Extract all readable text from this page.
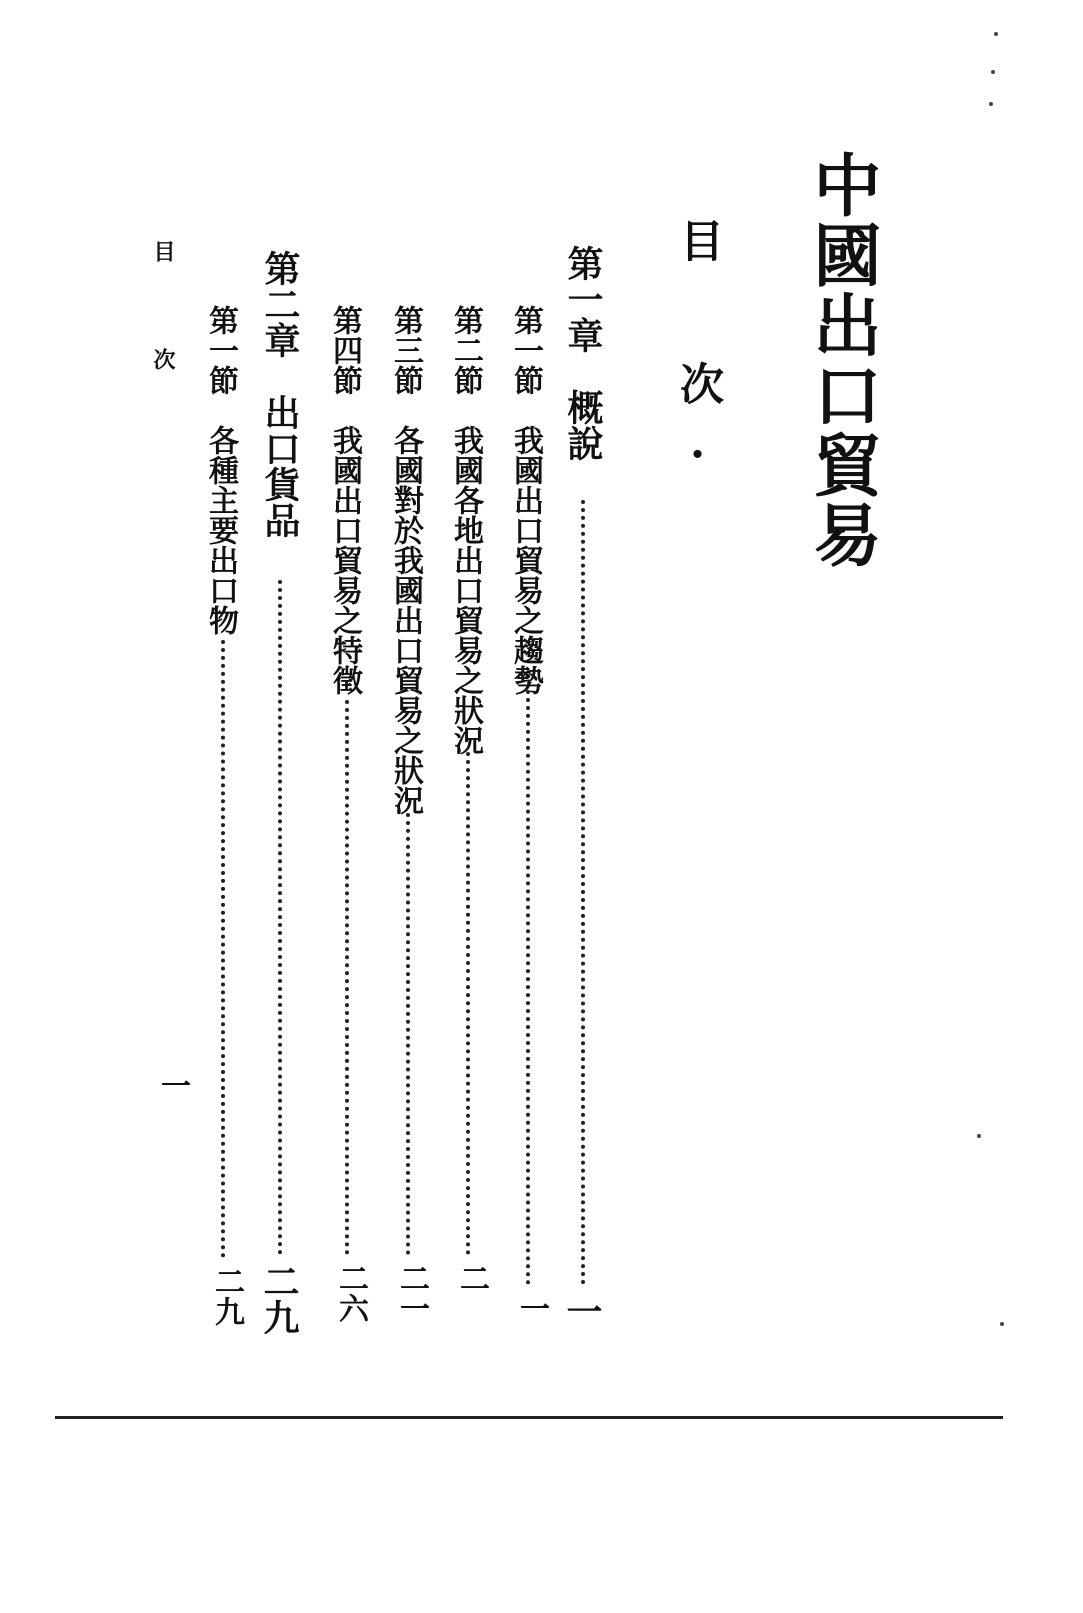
中國出口貿易
目 次·
第一章　概說
一
第一節　我國出口貿易之趨勢
一
第二節　我國各地出口貿易之狀況
二
第三節　各國對於我國出口貿易之狀況
二一
第四節　我國出口貿易之特徵
二六
第二章　出口貨品
二九
第一節　各種主要出口物
二九
目 次
一
